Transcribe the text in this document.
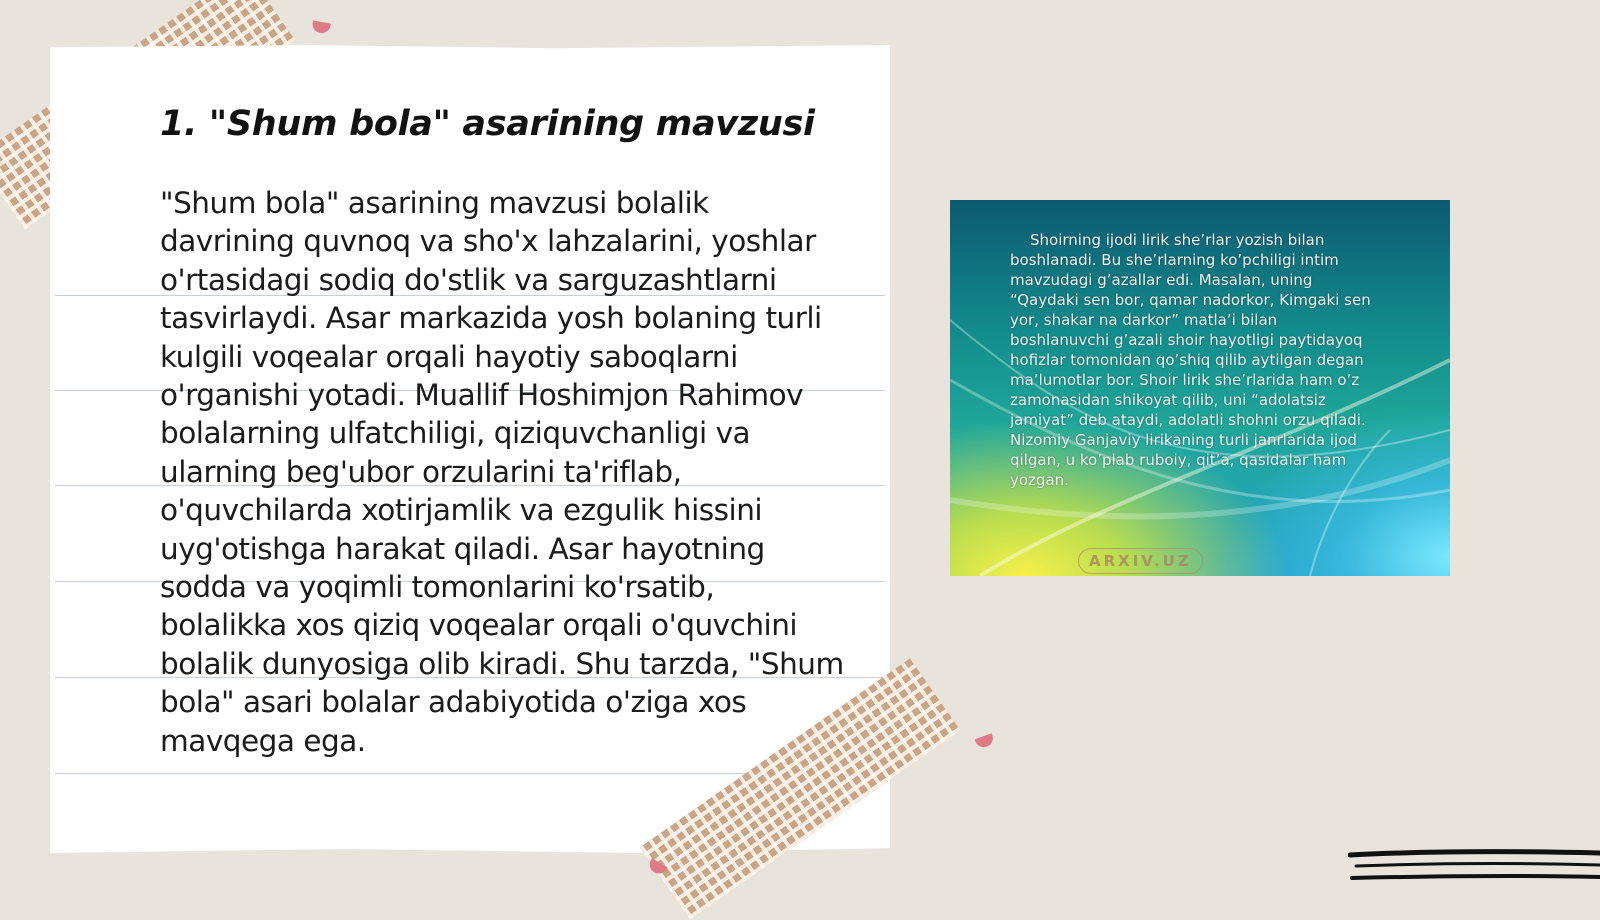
1. "Shum bola" asarining mavzusi

"Shum bola" asarining mavzusi bolalik davrining quvnoq va sho'x lahzalarini, yoshlar o'rtasidagi sodiq do'stlik va sarguzashtlarni tasvirlaydi. Asar markazida yosh bolaning turli kulgili voqealar orqali hayotiy saboqlarni o'rganishi yotadi. Muallif Hoshimjon Rahimov bolalarning ulfatchiligi, qiziquvchanligi va ularning beg'ubor orzularini ta'riflab, o'quvchilarda xotirjamlik va ezgulik hissini uyg'otishga harakat qiladi. Asar hayotning sodda va yoqimli tomonlarini ko'rsatib, bolalikka xos qiziq voqealar orqali o'quvchini bolalik dunyosiga olib kiradi. Shu tarzda, "Shum bola" asari bolalar adabiyotida o'ziga xos mavqega ega.

Shoirning ijodi lirik she’rlar yozish bilan boshlanadi. Bu she’rlarning ko’pchiligi intim mavzudagi g’azallar edi. Masalan, uning “Qaydaki sen bor, qamar nadorkor, Kimgaki sen yor, shakar na darkor” matla’i bilan boshlanuvchi g’azali shoir hayotligi paytidayoq hofizlar tomonidan qo’shiq qilib aytilgan degan ma’lumotlar bor. Shoir lirik she’rlarida ham o’z zamonasidan shikoyat qilib, uni “adolatsiz jamiyat” deb ataydi, adolatli shohni orzu qiladi. Nizomiy Ganjaviy lirikaning turli janrlarida ijod qilgan, u ko’plab ruboiy, qit’a, qasidalar ham yozgan.

ARXIV.UZ
